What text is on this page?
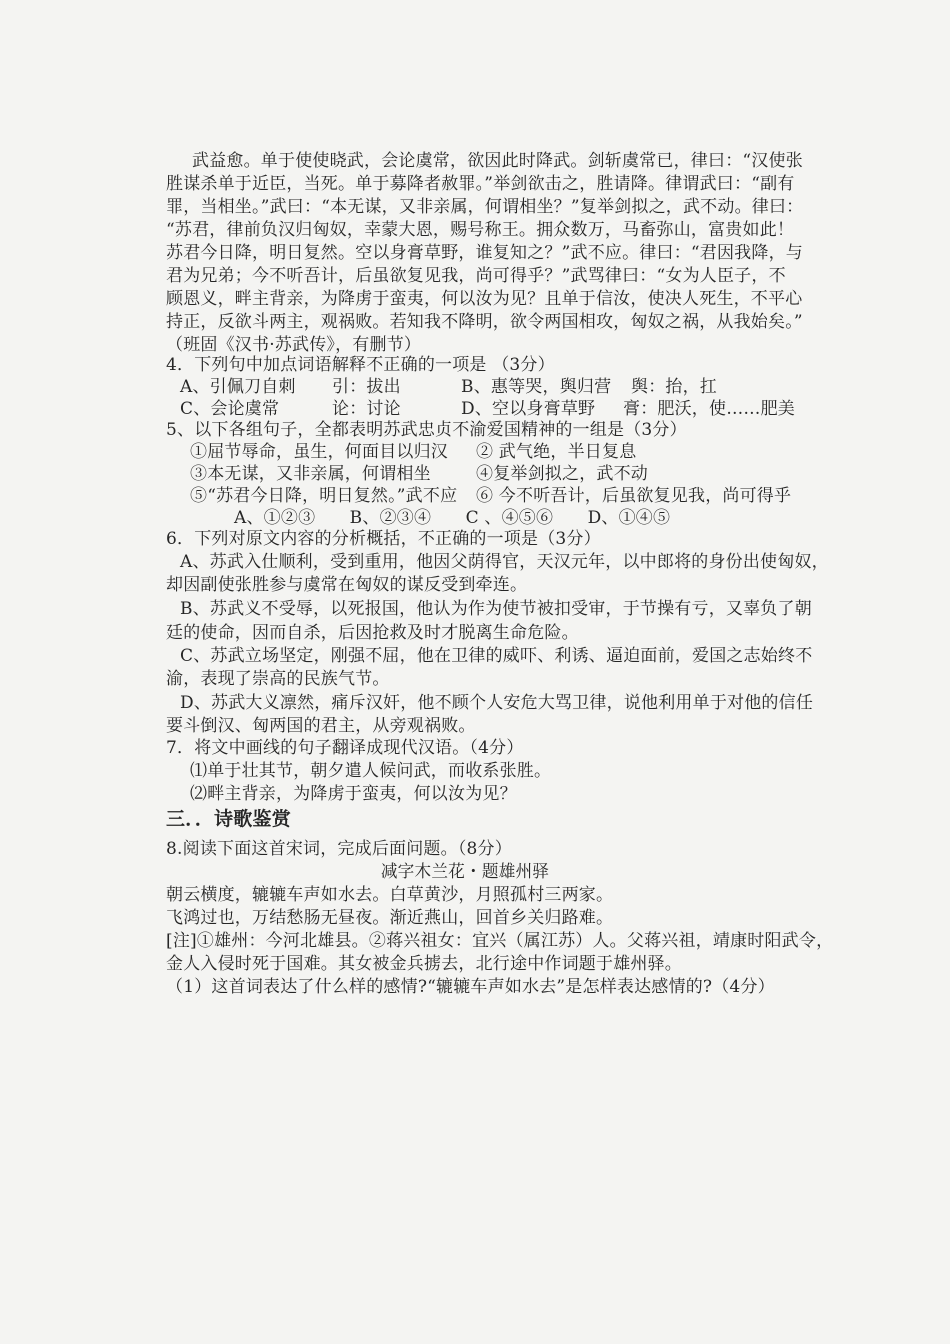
武益愈。单于使使晓武，会论虞常，欲因此时降武。剑斩虞常已，律曰：“汉使张
胜谋杀单于近臣，当死。单于募降者赦罪。”举剑欲击之，胜请降。律谓武曰：“副有
罪，当相坐。”武曰：“本无谋，又非亲属，何谓相坐？”复举剑拟之，武不动。律曰：
“苏君，律前负汉归匈奴，幸蒙大恩，赐号称王。拥众数万，马畜弥山，富贵如此！
苏君今日降，明日复然。空以身膏草野，谁复知之？”武不应。律曰：“君因我降，与
君为兄弟；今不听吾计，后虽欲复见我，尚可得乎？”武骂律曰：“女为人臣子，不
顾恩义，畔主背亲，为降虏于蛮夷，何以汝为见？且单于信汝，使决人死生，不平心
持正，反欲斗两主，观祸败。若知我不降明，欲令两国相攻，匈奴之祸，从我始矣。”
（班固《汉书·苏武传》，有删节）
4．下列句中加点词语解释不正确的一项是 （3分）
A、引佩刀自刺 引：拔出	B、惠等哭，舆归营 舆：抬，扛
C、会论虞常	论：讨论	D、空以身膏草野 膏：肥沃，使……肥美
5、以下各组句子，全都表明苏武忠贞不渝爱国精神的一组是（3分）
①屈节辱命，虽生，何面目以归汉 ② 武气绝，半日复息
③本无谋，又非亲属，何谓相坐	④复举剑拟之，武不动
⑤“苏君今日降，明日复然。”武不应 ⑥ 今不听吾计，后虽欲复见我，尚可得乎
A、①②③　　B、②③④　　C 、④⑤⑥　　D、①④⑤
6．下列对原文内容的分析概括，不正确的一项是（3分）
A、苏武入仕顺利，受到重用，他因父荫得官，天汉元年，以中郎将的身份出使匈奴，
却因副使张胜参与虞常在匈奴的谋反受到牵连。
B、苏武义不受辱，以死报国，他认为作为使节被扣受审，于节操有亏，又辜负了朝
廷的使命，因而自杀，后因抢救及时才脱离生命危险。
C、苏武立场坚定，刚强不屈，他在卫律的威吓、利诱、逼迫面前，爱国之志始终不
渝，表现了崇高的民族气节。
D、苏武大义凛然，痛斥汉奸，他不顾个人安危大骂卫律，说他利用单于对他的信任
要斗倒汉、匈两国的君主，从旁观祸败。
7．将文中画线的句子翻译成现代汉语。（4分）
⑴单于壮其节，朝夕遣人候问武，而收系张胜。
⑵畔主背亲，为降虏于蛮夷，何以汝为见？
三．．诗歌鉴赏
8.阅读下面这首宋词，完成后面问题。（8分）
减字木兰花・题雄州驿
朝云横度，辘辘车声如水去。白草黄沙，月照孤村三两家。
飞鸿过也，万结愁肠无昼夜。渐近燕山，回首乡关归路难。
[注]①雄州：今河北雄县。②蒋兴祖女：宜兴（属江苏）人。父蒋兴祖，靖康时阳武令，
金人入侵时死于国难。其女被金兵掳去，北行途中作词题于雄州驿。
（1）这首词表达了什么样的感情?“辘辘车声如水去”是怎样表达感情的?（4分）
